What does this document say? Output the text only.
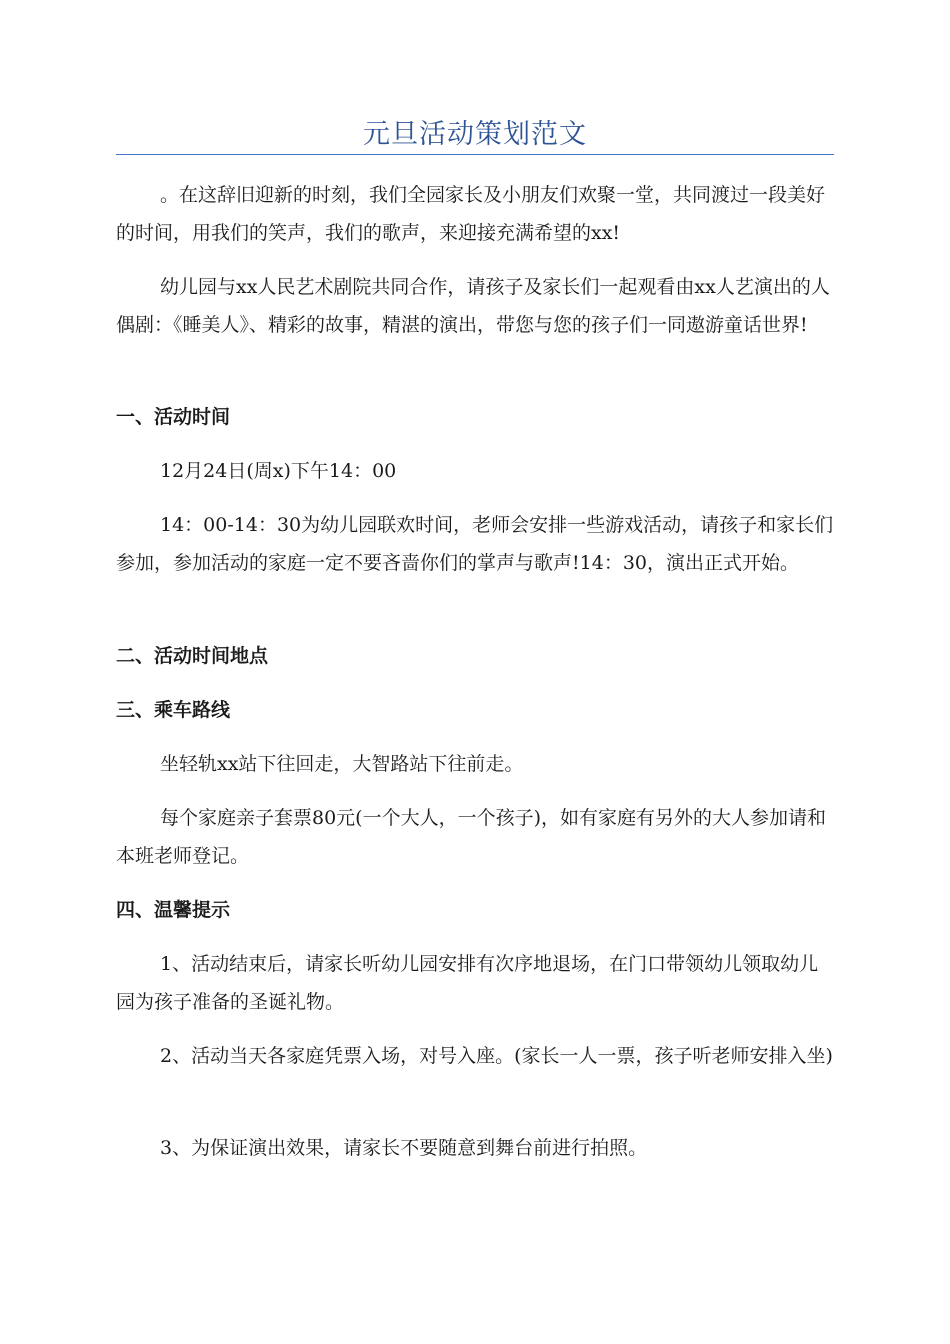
元旦活动策划范文

。在这辞旧迎新的时刻，我们全园家长及小朋友们欢聚一堂，共同渡过一段美好的时间，用我们的笑声，我们的歌声，来迎接充满希望的xx!

幼儿园与xx人民艺术剧院共同合作，请孩子及家长们一起观看由xx人艺演出的人偶剧：《睡美人》、精彩的故事，精湛的演出，带您与您的孩子们一同遨游童话世界!

一、活动时间

12月24日(周x)下午14：00

14：00-14：30为幼儿园联欢时间，老师会安排一些游戏活动，请孩子和家长们参加，参加活动的家庭一定不要吝啬你们的掌声与歌声!14：30，演出正式开始。

二、活动时间地点

三、乘车路线

坐轻轨xx站下往回走，大智路站下往前走。

每个家庭亲子套票80元(一个大人，一个孩子)，如有家庭有另外的大人参加请和本班老师登记。

四、温馨提示

1、活动结束后，请家长听幼儿园安排有次序地退场，在门口带领幼儿领取幼儿园为孩子准备的圣诞礼物。

2、活动当天各家庭凭票入场，对号入座。(家长一人一票，孩子听老师安排入坐)

3、为保证演出效果，请家长不要随意到舞台前进行拍照。
